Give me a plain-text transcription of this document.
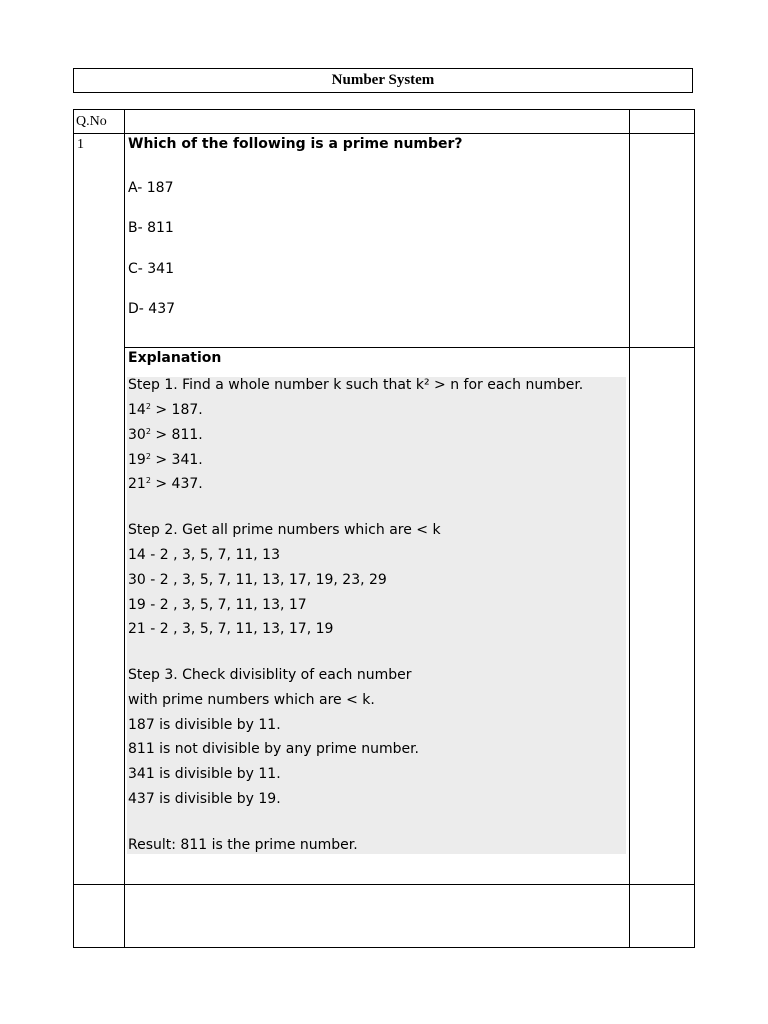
Number System
Q.No
1	Which of the following is a prime number?
A- 187
B- 811
C- 341
D- 437
Explanation
Step 1. Find a whole number k such that k² > n for each number.
$14^2 > 187$.
$30^2 > 811$.
$19^2 > 341$.
$21^2 > 437$.
Step 2. Get all prime numbers which are < k
14 - 2 , 3, 5, 7, 11, 13
30 - 2 , 3, 5, 7, 11, 13, 17, 19, 23, 29
19 - 2 , 3, 5, 7, 11, 13, 17
21 - 2 , 3, 5, 7, 11, 13, 17, 19
Step 3. Check divisiblity of each number
with prime numbers which are < k.
187 is divisible by 11.
811 is not divisible by any prime number.
341 is divisible by 11.
437 is divisible by 19.
Result: 811 is the prime number.
